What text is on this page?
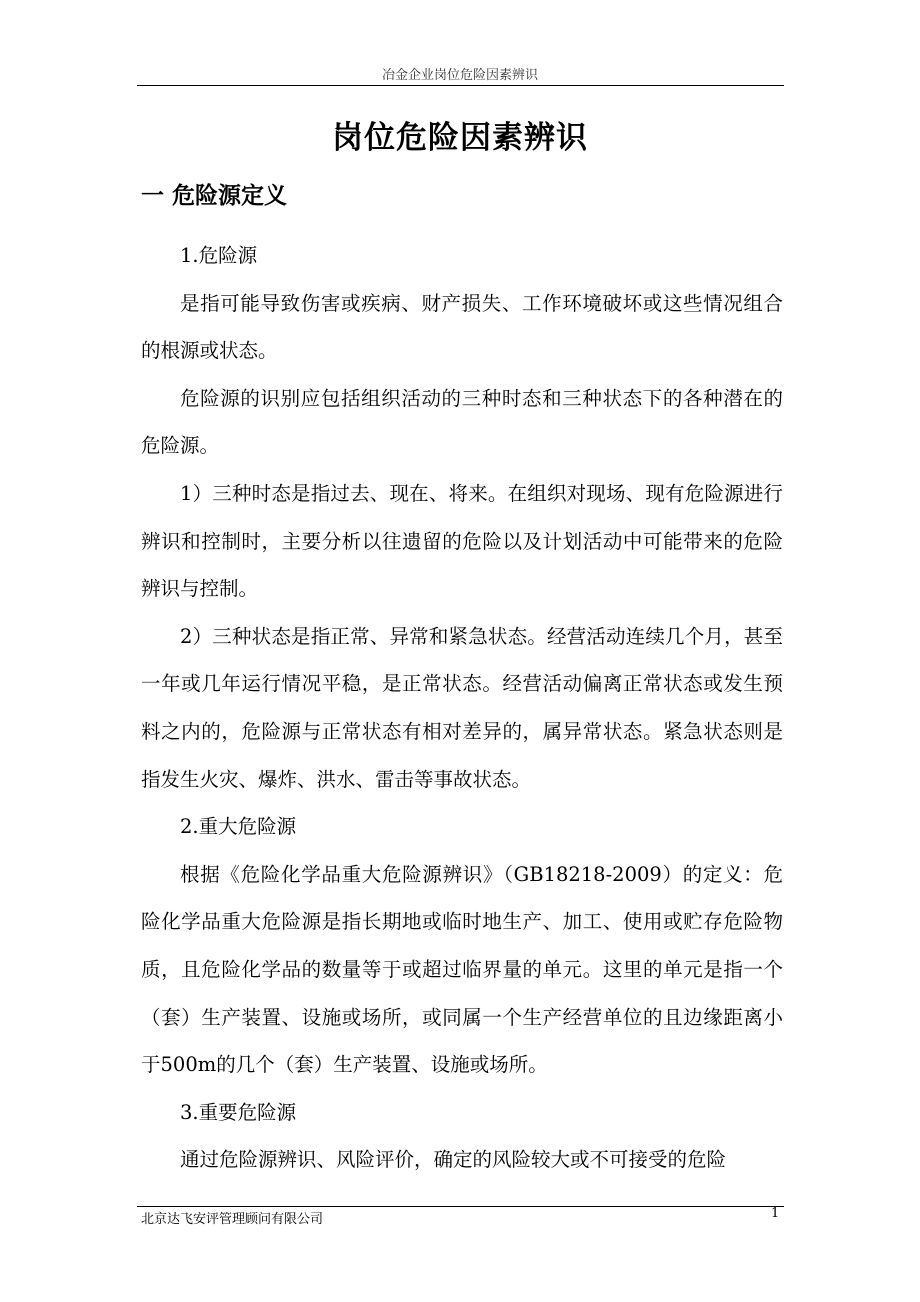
冶金企业岗位危险因素辨识
岗位危险因素辨识
一 危险源定义

1.危险源

是指可能导致伤害或疾病、财产损失、工作环境破坏或这些情况组合的根源或状态。

危险源的识别应包括组织活动的三种时态和三种状态下的各种潜在的危险源。

1）三种时态是指过去、现在、将来。在组织对现场、现有危险源进行辨识和控制时，主要分析以往遗留的危险以及计划活动中可能带来的危险辨识与控制。

2）三种状态是指正常、异常和紧急状态。经营活动连续几个月，甚至一年或几年运行情况平稳，是正常状态。经营活动偏离正常状态或发生预料之内的，危险源与正常状态有相对差异的，属异常状态。紧急状态则是指发生火灾、爆炸、洪水、雷击等事故状态。

2.重大危险源

根据《危险化学品重大危险源辨识》（GB18218-2009）的定义：危险化学品重大危险源是指长期地或临时地生产、加工、使用或贮存危险物质，且危险化学品的数量等于或超过临界量的单元。这里的单元是指一个（套）生产装置、设施或场所，或同属一个生产经营单位的且边缘距离小于500m的几个（套）生产装置、设施或场所。

3.重要危险源

通过危险源辨识、风险评价，确定的风险较大或不可接受的危险

北京达飞安评管理顾问有限公司	1
